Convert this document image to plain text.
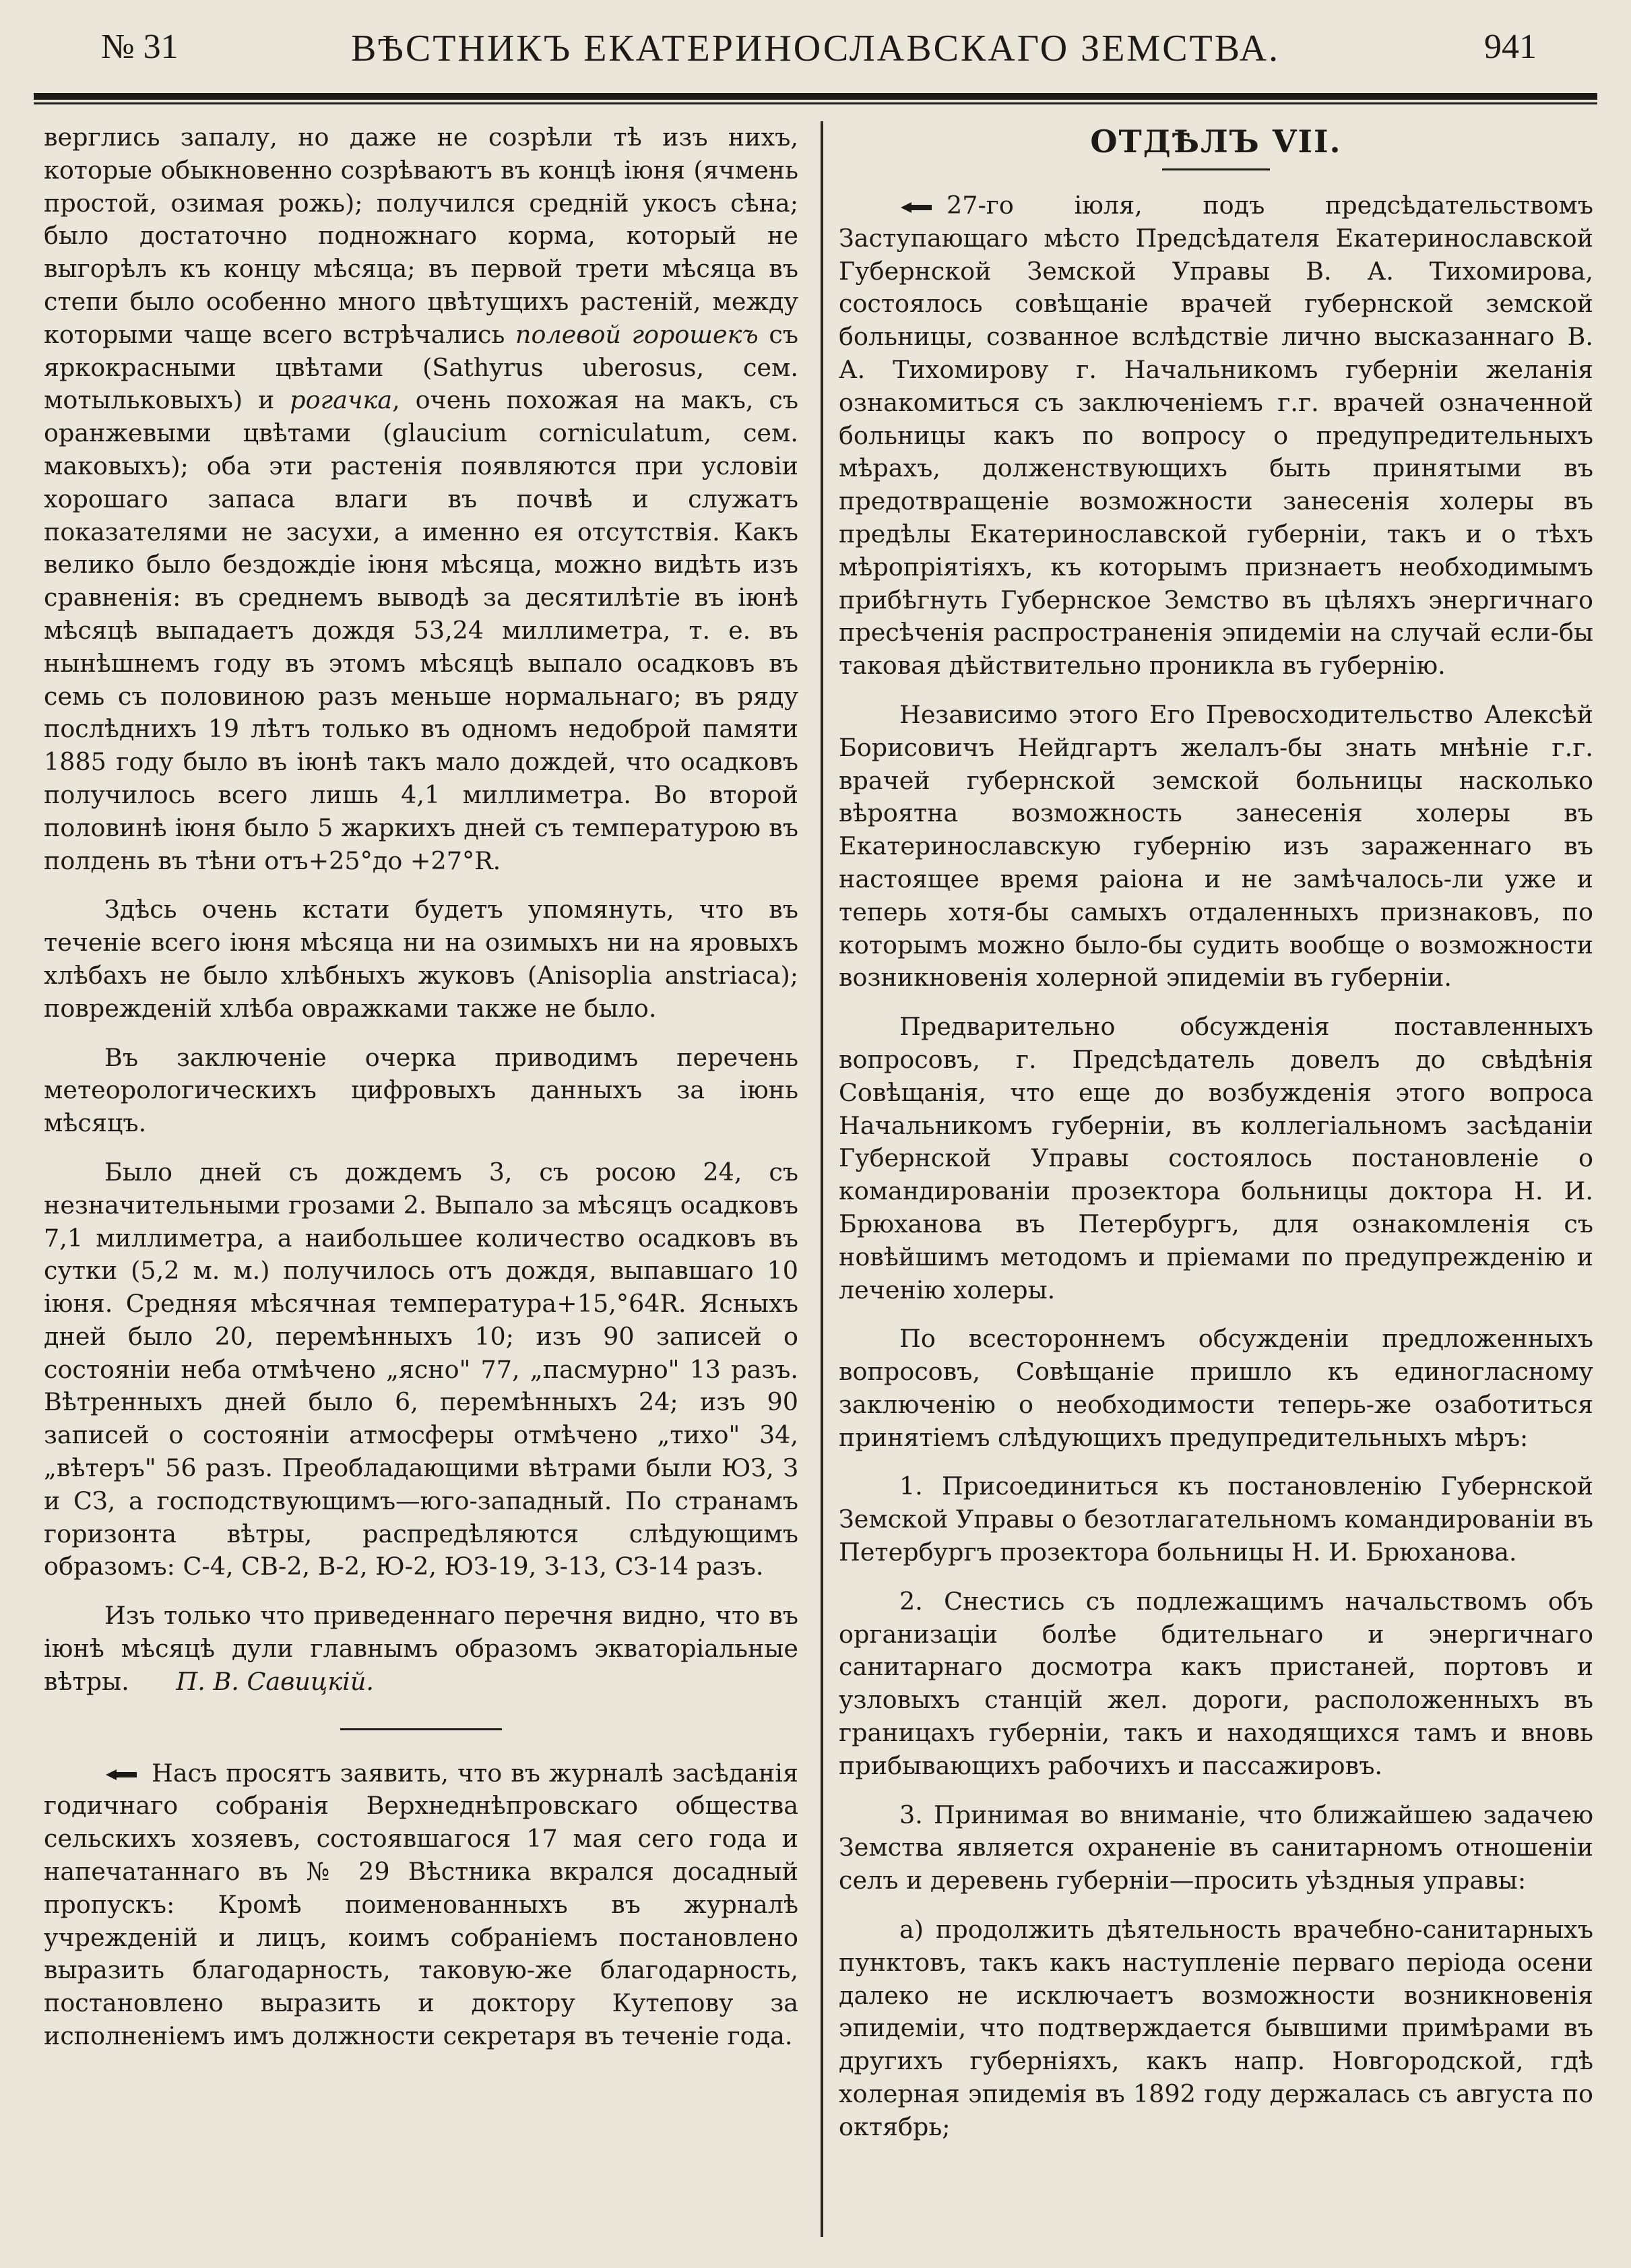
№ 31	ВѢСТНИКЪ ЕКАТЕРИНОСЛАВСКАГО ЗЕМСТВА.	941

верглись запалу, но даже не созрѣли тѣ изъ нихъ, которые обыкновенно созрѣваютъ въ концѣ іюня (ячмень простой, озимая рожь); получился средній укосъ сѣна; было достаточно подножнаго корма, который не выгорѣлъ къ концу мѣсяца; въ первой трети мѣсяца въ степи было особенно много цвѣтущихъ растеній, между которыми чаще всего встрѣчались полевой горошекъ съ яркокрасными цвѣтами (Sathyrus uberosus, сем. мотыльковыхъ) и рогачка, очень похожая на макъ, съ оранжевыми цвѣтами (glaucium corniculatum, сем. маковыхъ); оба эти растенія появляются при условіи хорошаго запаса влаги въ почвѣ и служатъ показателями не засухи, а именно ея отсутствія. Какъ велико было бездождіе іюня мѣсяца, можно видѣть изъ сравненія: въ среднемъ выводѣ за десятилѣтіе въ іюнѣ мѣсяцѣ выпадаетъ дождя 53,24 миллиметра, т. е. въ нынѣшнемъ году въ этомъ мѣсяцѣ выпало осадковъ въ семь съ половиною разъ меньше нормальнаго; въ ряду послѣднихъ 19 лѣтъ только въ одномъ недоброй памяти 1885 году было въ іюнѣ такъ мало дождей, что осадковъ получилось всего лишь 4,1 миллиметра. Во второй половинѣ іюня было 5 жаркихъ дней съ температурою въ полдень въ тѣни отъ+25°до +27°R.

Здѣсь очень кстати будетъ упомянуть, что въ теченіе всего іюня мѣсяца ни на озимыхъ ни на яровыхъ хлѣбахъ не было хлѣбныхъ жуковъ (Anisoplia anstriaca); поврежденій хлѣба овражками также не было.

Въ заключеніе очерка приводимъ перечень метеорологическихъ цифровыхъ данныхъ за іюнь мѣсяцъ.

Было дней съ дождемъ 3, съ росою 24, съ незначительными грозами 2. Выпало за мѣсяцъ осадковъ 7,1 миллиметра, а наибольшее количество осадковъ въ сутки (5,2 м. м.) получилось отъ дождя, выпавшаго 10 іюня. Средняя мѣсячная температура+15,°64R. Ясныхъ дней было 20, перемѣнныхъ 10; изъ 90 записей о состояніи неба отмѣчено „ясно" 77, „пасмурно" 13 разъ. Вѣтренныхъ дней было 6, перемѣнныхъ 24; изъ 90 записей о состояніи атмосферы отмѣчено „тихо" 34, „вѣтеръ" 56 разъ. Преобладающими вѣтрами были ЮЗ, З и СЗ, а господствующимъ—юго-западный. По странамъ горизонта вѣтры, распредѣляются слѣдующимъ образомъ: С-4, СВ-2, В-2, Ю-2, ЮЗ-19, З-13, СЗ-14 разъ.

Изъ только что приведеннаго перечня видно, что въ іюнѣ мѣсяцѣ дули главнымъ образомъ экваторіальные вѣтры. П. В. Савицкій.

Насъ просятъ заявить, что въ журналѣ засѣданія годичнаго собранія Верхнеднѣпровскаго общества сельскихъ хозяевъ, состоявшагося 17 мая сего года и напечатаннаго въ № 29 Вѣстника вкрался досадный пропускъ: Кромѣ поименованныхъ въ журналѣ учрежденій и лицъ, коимъ собраніемъ постановлено выразить благодарность, таковую-же благодарность, постановлено выразить и доктору Кутепову за исполненіемъ имъ должности секретаря въ теченіе года.

ОТДѢЛЪ VII.

27-го іюля, подъ предсѣдательствомъ Заступающаго мѣсто Предсѣдателя Екатеринославской Губернской Земской Управы В. А. Тихомирова, состоялось совѣщаніе врачей губернской земской больницы, созванное вслѣдствіе лично высказаннаго В. А. Тихомирову г. Начальникомъ губерніи желанія ознакомиться съ заключеніемъ г.г. врачей означенной больницы какъ по вопросу о предупредительныхъ мѣрахъ, долженствующихъ быть принятыми въ предотвращеніе возможности занесенія холеры въ предѣлы Екатеринославской губерніи, такъ и о тѣхъ мѣропріятіяхъ, къ которымъ признаетъ необходимымъ прибѣгнуть Губернское Земство въ цѣляхъ энергичнаго пресѣченія распространенія эпидеміи на случай если-бы таковая дѣйствительно проникла въ губернію.

Независимо этого Его Превосходительство Алексѣй Борисовичъ Нейдгартъ желалъ-бы знать мнѣніе г.г. врачей губернской земской больницы насколько вѣроятна возможность занесенія холеры въ Екатеринославскую губернію изъ зараженнаго въ настоящее время раіона и не замѣчалось-ли уже и теперь хотя-бы самыхъ отдаленныхъ признаковъ, по которымъ можно было-бы судить вообще о возможности возникновенія холерной эпидеміи въ губерніи.

Предварительно обсужденія поставленныхъ вопросовъ, г. Предсѣдатель довелъ до свѣдѣнія Совѣщанія, что еще до возбужденія этого вопроса Начальникомъ губерніи, въ коллегіальномъ засѣданіи Губернской Управы состоялось постановленіе о командированіи прозектора больницы доктора Н. И. Брюханова въ Петербургъ, для ознакомленія съ новѣйшимъ методомъ и пріемами по предупрежденію и леченію холеры.

По всестороннемъ обсужденіи предложенныхъ вопросовъ, Совѣщаніе пришло къ единогласному заключенію о необходимости теперь-же озаботиться принятіемъ слѣдующихъ предупредительныхъ мѣръ:

1. Присоединиться къ постановленію Губернской Земской Управы о безотлагательномъ командированіи въ Петербургъ прозектора больницы Н. И. Брюханова.

2. Снестись съ подлежащимъ начальствомъ объ организаціи болѣе бдительнаго и энергичнаго санитарнаго досмотра какъ пристаней, портовъ и узловыхъ станцій жел. дороги, расположенныхъ въ границахъ губерніи, такъ и находящихся тамъ и вновь прибывающихъ рабочихъ и пассажировъ.

3. Принимая во вниманіе, что ближайшею задачею Земства является охраненіе въ санитарномъ отношеніи селъ и деревень губерніи—просить уѣздныя управы:

а) продолжить дѣятельность врачебно-санитарныхъ пунктовъ, такъ какъ наступленіе перваго періода осени далеко не исключаетъ возможности возникновенія эпидеміи, что подтверждается бывшими примѣрами въ другихъ губерніяхъ, какъ напр. Новгородской, гдѣ холерная эпидемія въ 1892 году держалась съ августа по октябрь;
